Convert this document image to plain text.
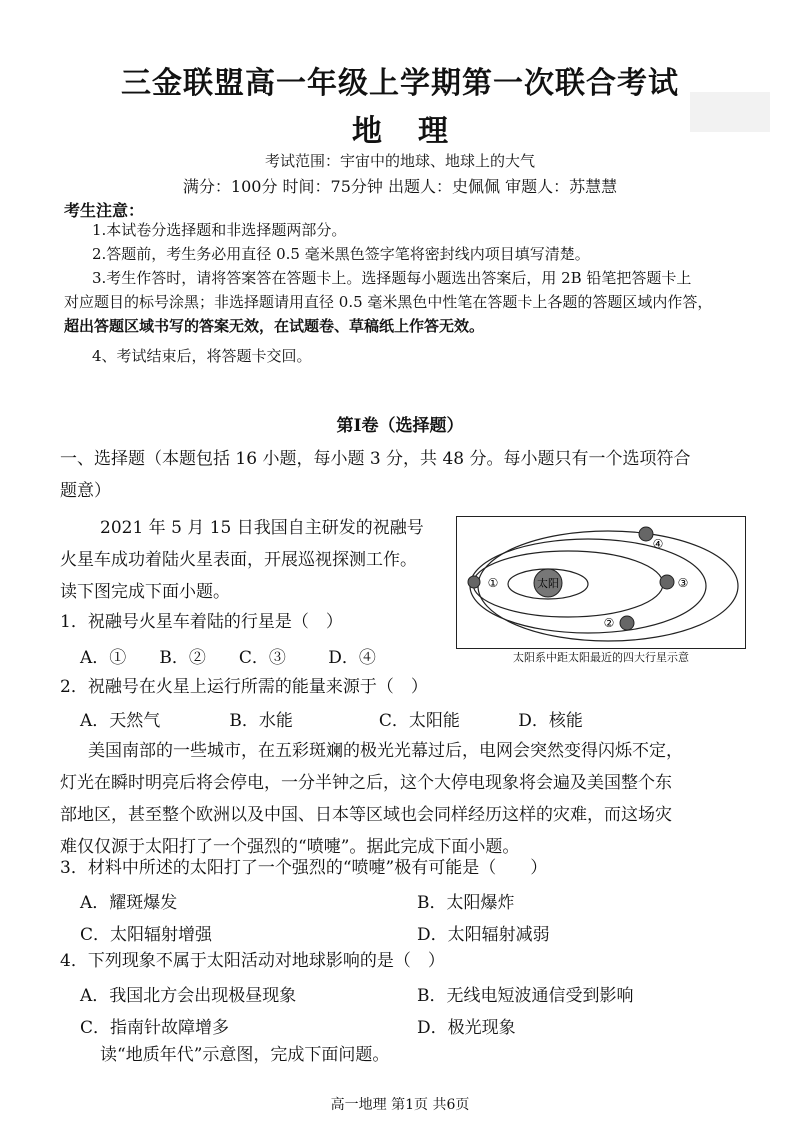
三金联盟高一年级上学期第一次联合考试
地理
考试范围：宇宙中的地球、地球上的大气
满分：100分 时间：75分钟 出题人：史佩佩 审题人：苏慧慧
考生注意：
1.本试卷分选择题和非选择题两部分。
2.答题前，考生务必用直径 0.5 毫米黑色签字笔将密封线内项目填写清楚。
3.考生作答时，请将答案答在答题卡上。选择题每小题选出答案后，用 2B 铅笔把答题卡上
对应题目的标号涂黑；非选择题请用直径 0.5 毫米黑色中性笔在答题卡上各题的答题区域内作答，
超出答题区域书写的答案无效，在试题卷、草稿纸上作答无效。
4、考试结束后，将答题卡交回。
第Ⅰ卷（选择题）
一、选择题（本题包括 16 小题，每小题 3 分，共 48 分。每小题只有一个选项符合
题意）
2021 年 5 月 15 日我国自主研发的祝融号
火星车成功着陆火星表面，开展巡视探测工作。
读下图完成下面小题。	太阳
①
②
③
④
太阳系中距太阳最近的四大行星示意
1．祝融号火星车着陆的行星是（　）
A．① B．② C．③ D．④
2．祝融号在火星上运行所需的能量来源于（　）
A．天然气	B．水能	C．太阳能	D．核能
美国南部的一些城市，在五彩斑斓的极光光幕过后，电网会突然变得闪烁不定，
灯光在瞬时明亮后将会停电，一分半钟之后，这个大停电现象将会遍及美国整个东
部地区，甚至整个欧洲以及中国、日本等区域也会同样经历这样的灾难，而这场灾
难仅仅源于太阳打了一个强烈的“喷嚏”。据此完成下面小题。
3．材料中所述的太阳打了一个强烈的“喷嚏”极有可能是（　　）
A．耀斑爆发	B．太阳爆炸
C．太阳辐射增强	D．太阳辐射减弱
4．下列现象不属于太阳活动对地球影响的是（　）
A．我国北方会出现极昼现象	B．无线电短波通信受到影响
C．指南针故障增多	D．极光现象
读“地质年代”示意图，完成下面问题。
高一地理 第1页 共6页
